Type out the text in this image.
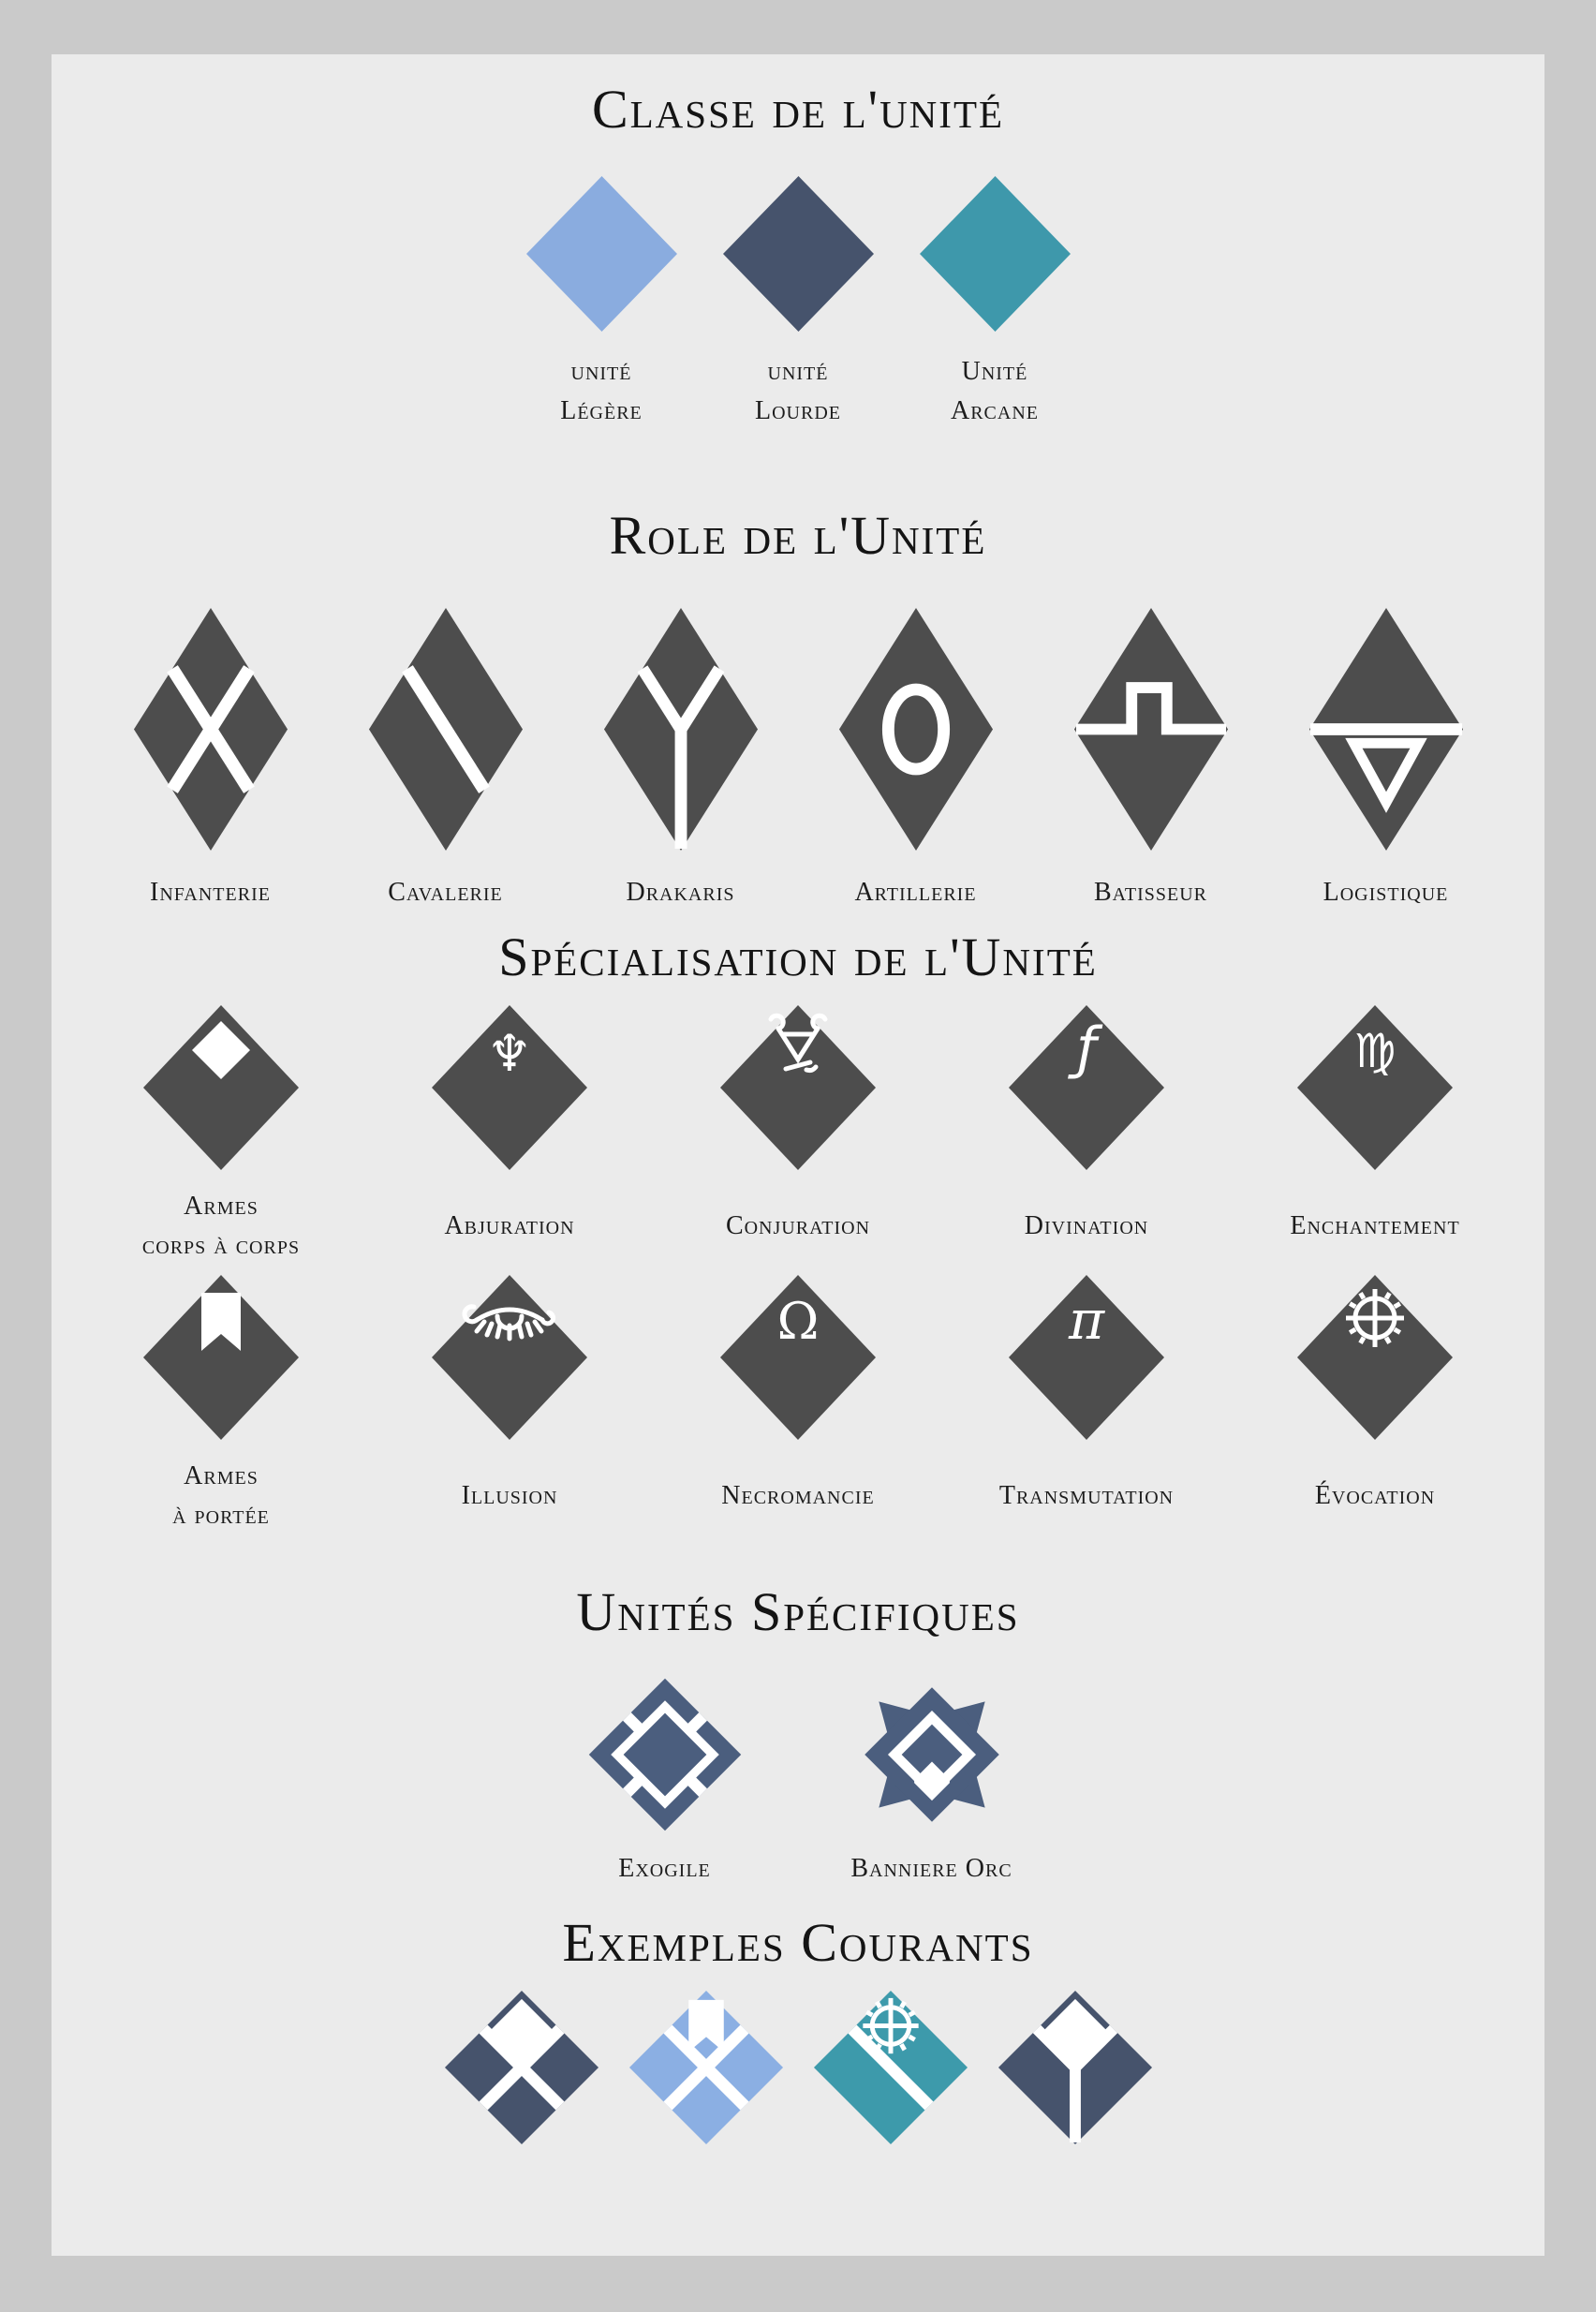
Classe de l'unité
unité
Légère
unité
Lourde
Unité
Arcane
Role de l'Unité
Infanterie	Cavalerie	Drakaris	Artillerie	Batisseur	Logistique
Spécialisation de l'Unité
Armes
corps à corps
♆
Abjuration	Conjuration
ƒ
Divination
♍
Enchantement
Armes
à portée
Illusion
Ω
Necromancie
π
Transmutation	Évocation
Unités Spécifiques
Exogile	Banniere Orc
Exemples Courants
